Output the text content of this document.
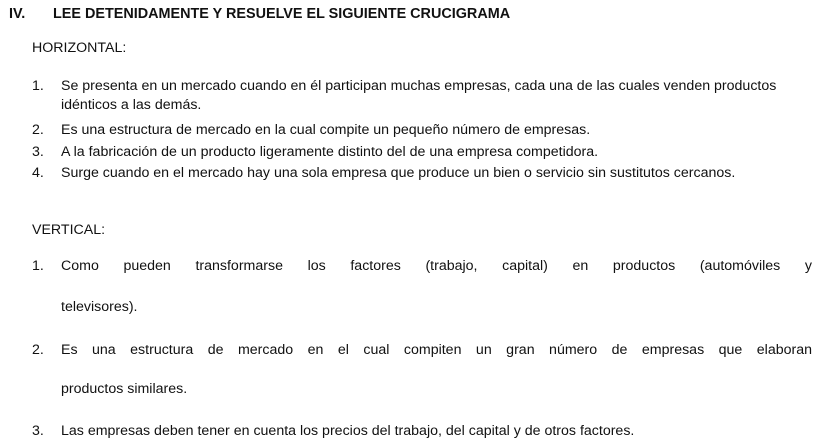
IV. LEE DETENIDAMENTE Y RESUELVE EL SIGUIENTE CRUCIGRAMA
HORIZONTAL:
1.	Se presenta en un mercado cuando en él participan muchas empresas, cada una de las cuales venden productos idénticos a las demás.
2.	Es una estructura de mercado en la cual compite un pequeño número de empresas.
3.	A la fabricación de un producto ligeramente distinto del de una empresa competidora.
4.	Surge cuando en el mercado hay una sola empresa que produce un bien o servicio sin sustitutos cercanos.
VERTICAL:
1.	Como pueden transformarse los factores (trabajo, capital) en productos (automóviles y
televisores).
2.	Es una estructura de mercado en el cual compiten un gran número de empresas que elaboran
productos similares.
3.	Las empresas deben tener en cuenta los precios del trabajo, del capital y de otros factores.
